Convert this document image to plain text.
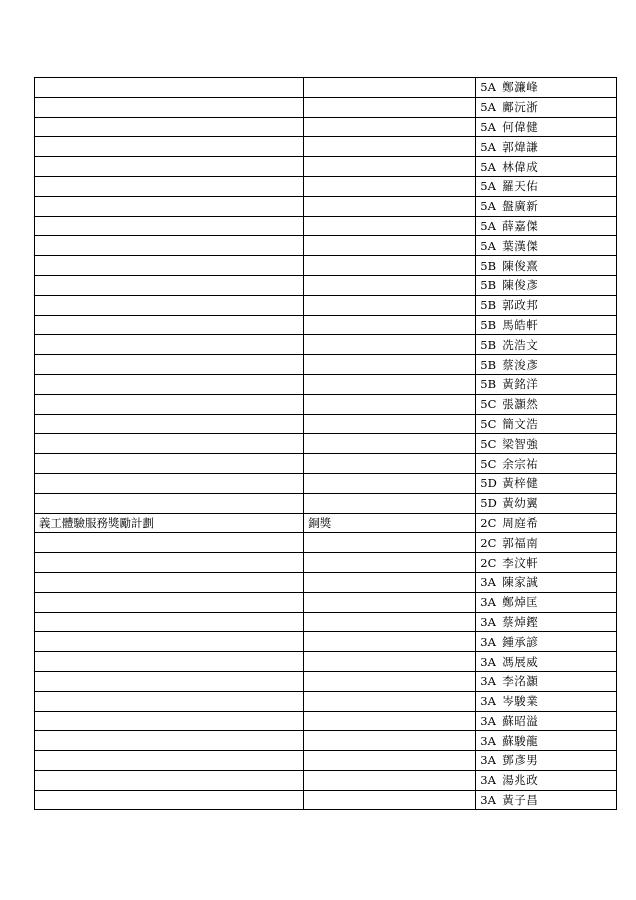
		5A 鄭濂峰
		5A 鄺沅浙
		5A 何偉健
		5A 郭煒謙
		5A 林偉成
		5A 羅天佑
		5A 盤廣新
		5A 薛嘉傑
		5A 葉漢傑
		5B 陳俊熹
		5B 陳俊彥
		5B 郭政邦
		5B 馬皓軒
		5B 冼浩文
		5B 蔡浚彥
		5B 黃銘洋
		5C 張灝然
		5C 簡文浩
		5C 梁智強
		5C 余宗祐
		5D 黃梓健
		5D 黃幼翼
義工體驗服務獎勵計劃	銅獎	2C 周庭希
		2C 郭福南
		2C 李汶軒
		3A 陳家誠
		3A 鄭焯匡
		3A 蔡焯鏗
		3A 鍾承諺
		3A 馮展威
		3A 李洺灝
		3A 岑駿業
		3A 蘇昭溢
		3A 蘇駿龍
		3A 鄧彥男
		3A 湯兆政
		3A 黃子昌
